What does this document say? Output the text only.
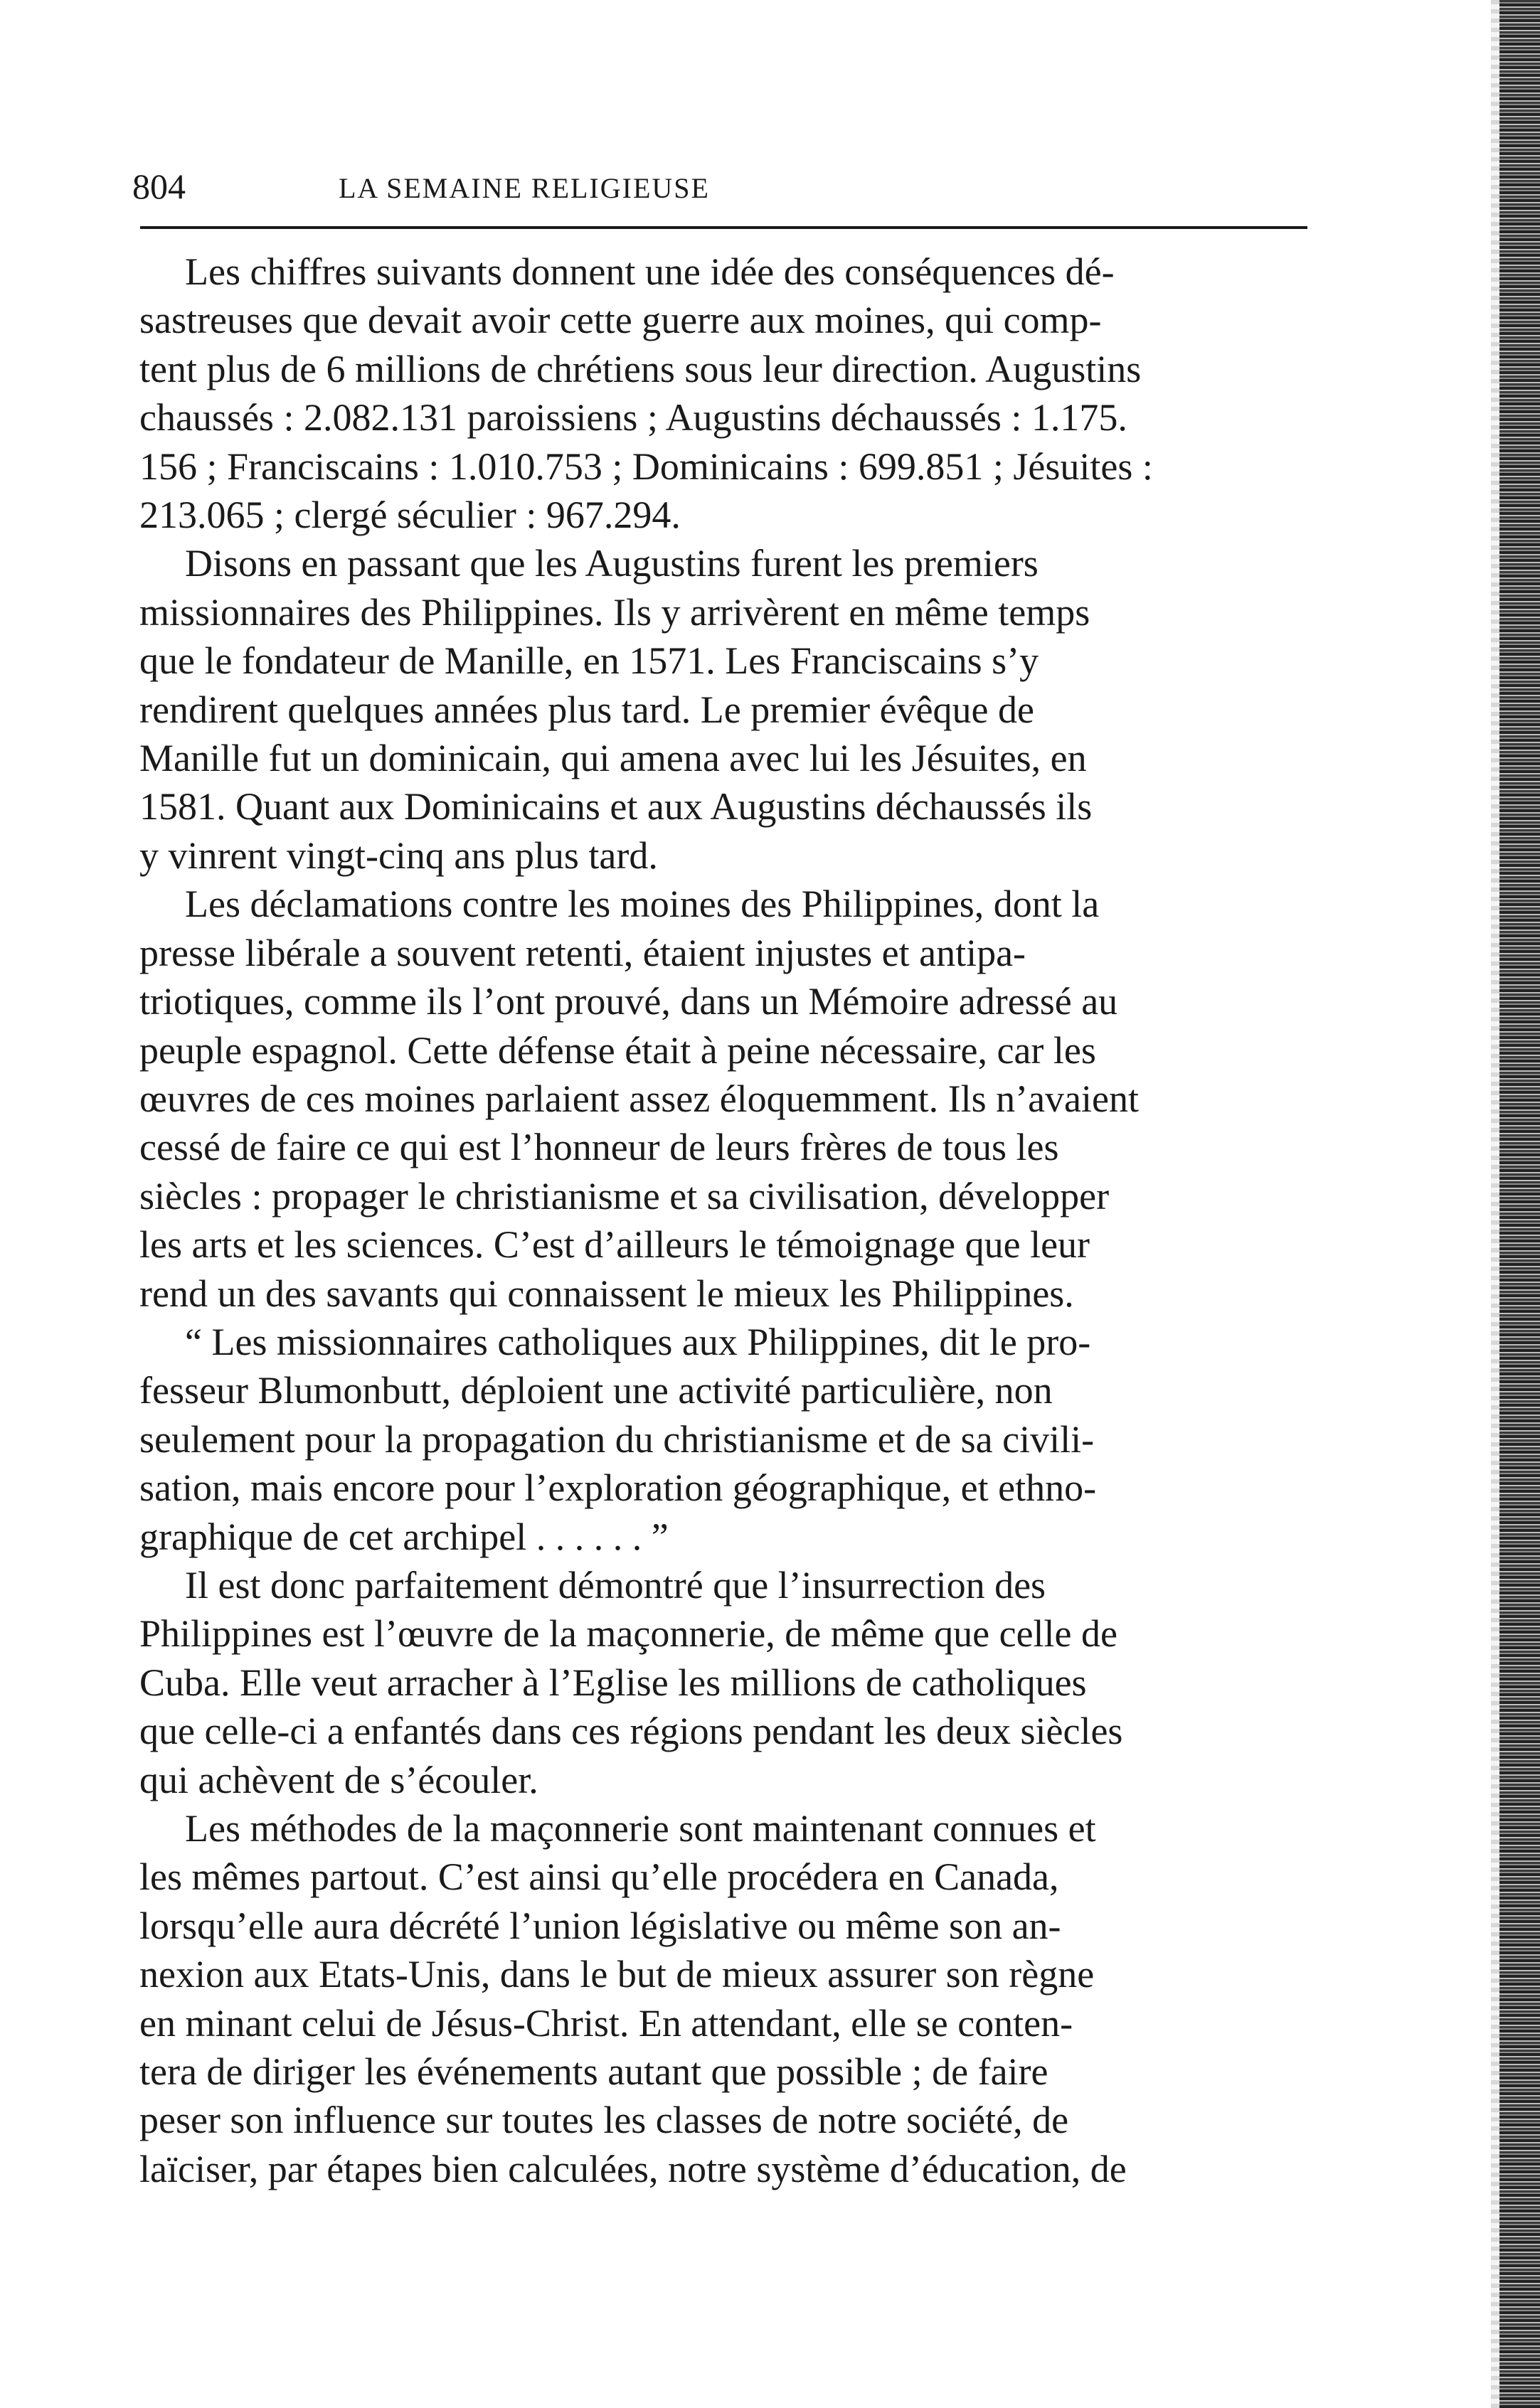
804	LA SEMAINE RELIGIEUSE

Les chiffres suivants donnent une idée des conséquences dé-
sastreuses que devait avoir cette guerre aux moines, qui comp-
tent plus de 6 millions de chrétiens sous leur direction. Augustins
chaussés : 2.082.131 paroissiens ; Augustins déchaussés : 1.175.
156 ; Franciscains : 1.010.753 ; Dominicains : 699.851 ; Jésuites :
213.065 ; clergé séculier : 967.294.

Disons en passant que les Augustins furent les premiers
missionnaires des Philippines. Ils y arrivèrent en même temps
que le fondateur de Manille, en 1571. Les Franciscains s’y
rendirent quelques années plus tard. Le premier évêque de
Manille fut un dominicain, qui amena avec lui les Jésuites, en
1581. Quant aux Dominicains et aux Augustins déchaussés ils
y vinrent vingt-cinq ans plus tard.

Les déclamations contre les moines des Philippines, dont la
presse libérale a souvent retenti, étaient injustes et antipa-
triotiques, comme ils l’ont prouvé, dans un Mémoire adressé au
peuple espagnol. Cette défense était à peine nécessaire, car les
œuvres de ces moines parlaient assez éloquemment. Ils n’avaient
cessé de faire ce qui est l’honneur de leurs frères de tous les
siècles : propager le christianisme et sa civilisation, développer
les arts et les sciences. C’est d’ailleurs le témoignage que leur
rend un des savants qui connaissent le mieux les Philippines.

“ Les missionnaires catholiques aux Philippines, dit le pro-
fesseur Blumonbutt, déploient une activité particulière, non
seulement pour la propagation du christianisme et de sa civili-
sation, mais encore pour l’exploration géographique, et ethno-
graphique de cet archipel . . . . . . ”

Il est donc parfaitement démontré que l’insurrection des
Philippines est l’œuvre de la maçonnerie, de même que celle de
Cuba. Elle veut arracher à l’Eglise les millions de catholiques
que celle-ci a enfantés dans ces régions pendant les deux siècles
qui achèvent de s’écouler.

Les méthodes de la maçonnerie sont maintenant connues et
les mêmes partout. C’est ainsi qu’elle procédera en Canada,
lorsqu’elle aura décrété l’union législative ou même son an-
nexion aux Etats-Unis, dans le but de mieux assurer son règne
en minant celui de Jésus-Christ. En attendant, elle se conten-
tera de diriger les événements autant que possible ; de faire
peser son influence sur toutes les classes de notre société, de
laïciser, par étapes bien calculées, notre système d’éducation, de
